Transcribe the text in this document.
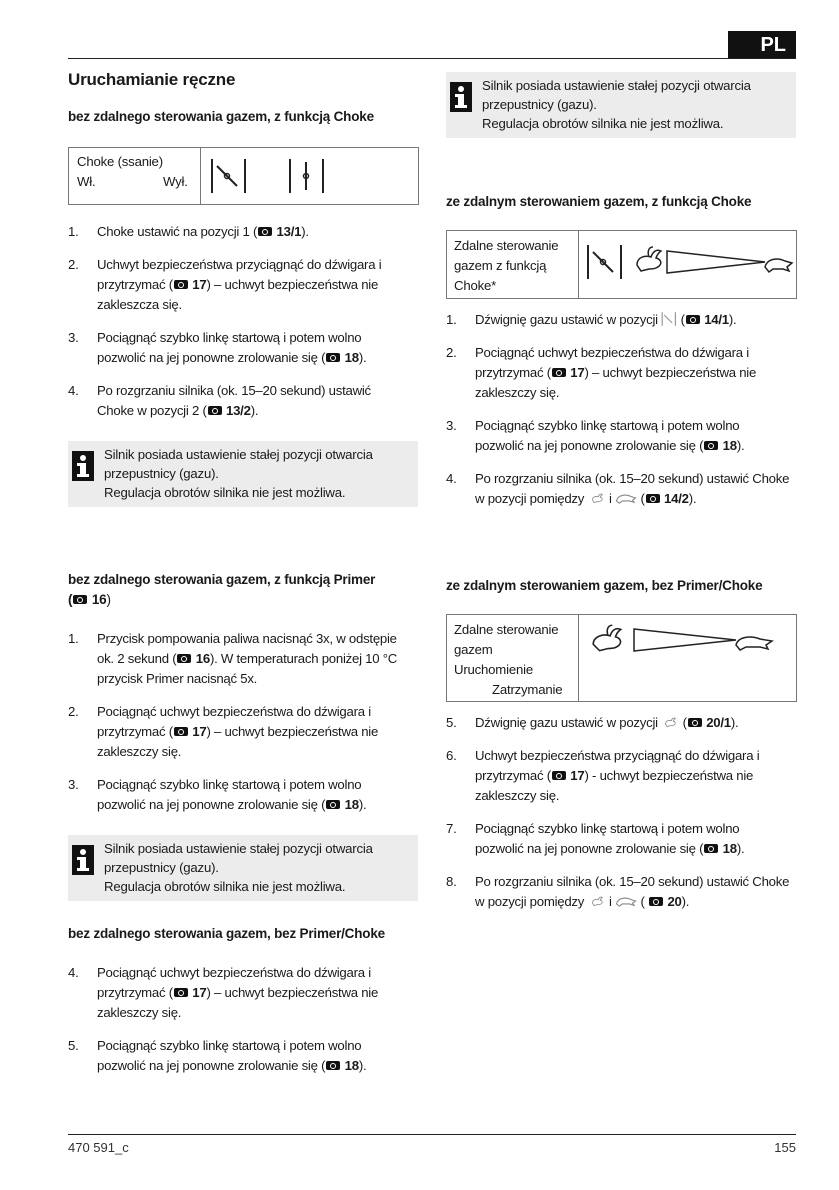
PL
Uruchamianie ręczne
bez zdalnego sterowania gazem, z funkcją Choke
Choke (ssanie)
Wł.	Wył.
1. Choke ustawić na pozycji 1 ( 13/1).
2. Uchwyt bezpieczeństwa przyciągnąć do dźwigara i przytrzymać ( 17) – uchwyt bezpieczeństwa nie zakleszcza się.
3. Pociągnąć szybko linkę startową i potem wolno pozwolić na jej ponowne zrolowanie się ( 18).
4. Po rozgrzaniu silnika (ok. 15–20 sekund) ustawić Choke w pozycji 2 ( 13/2).
Silnik posiada ustawienie stałej pozycji otwarcia
przepustnicy (gazu).
Regulacja obrotów silnika nie jest możliwa.
bez zdalnego sterowania gazem, z funkcją Primer
( 16)
1. Przycisk pompowania paliwa nacisnąć 3x, w odstępie ok. 2 sekund ( 16). W temperaturach poniżej 10 °C przycisk Primer nacisnąć 5x.
2. Pociągnąć uchwyt bezpieczeństwa do dźwigara i przytrzymać ( 17) – uchwyt bezpieczeństwa nie zakleszczy się.
3. Pociągnąć szybko linkę startową i potem wolno pozwolić na jej ponowne zrolowanie się ( 18).
Silnik posiada ustawienie stałej pozycji otwarcia
przepustnicy (gazu).
Regulacja obrotów silnika nie jest możliwa.
bez zdalnego sterowania gazem, bez Primer/Choke
4. Pociągnąć uchwyt bezpieczeństwa do dźwigara i przytrzymać ( 17) – uchwyt bezpieczeństwa nie zakleszczy się.
5. Pociągnąć szybko linkę startową i potem wolno pozwolić na jej ponowne zrolowanie się ( 18).
Silnik posiada ustawienie stałej pozycji otwarcia
przepustnicy (gazu).
Regulacja obrotów silnika nie jest możliwa.
ze zdalnym sterowaniem gazem, z funkcją Choke
Zdalne sterowanie
gazem z funkcją
Choke*
1. Dźwignię gazu ustawić w pozycji  ( 14/1).
2. Pociągnąć uchwyt bezpieczeństwa do dźwigara i przytrzymać ( 17) – uchwyt bezpieczeństwa nie zakleszczy się.
3. Pociągnąć szybko linkę startową i potem wolno pozwolić na jej ponowne zrolowanie się ( 18).
4. Po rozgrzaniu silnika (ok. 15–20 sekund) ustawić Choke w pozycji pomiędzy i  ( 14/2).
ze zdalnym sterowaniem gazem, bez Primer/Choke
Zdalne sterowanie
gazem
Uruchomienie
Zatrzymanie
5. Dźwignię gazu ustawić w pozycji  ( 20/1).
6. Uchwyt bezpieczeństwa przyciągnąć do dźwigara i przytrzymać ( 17) - uchwyt bezpieczeństwa nie zakleszczy się.
7. Pociągnąć szybko linkę startową i potem wolno pozwolić na jej ponowne zrolowanie się ( 18).
8. Po rozgrzaniu silnika (ok. 15–20 sekund) ustawić Choke w pozycji pomiędzy i  (  20).
470 591_c	155
